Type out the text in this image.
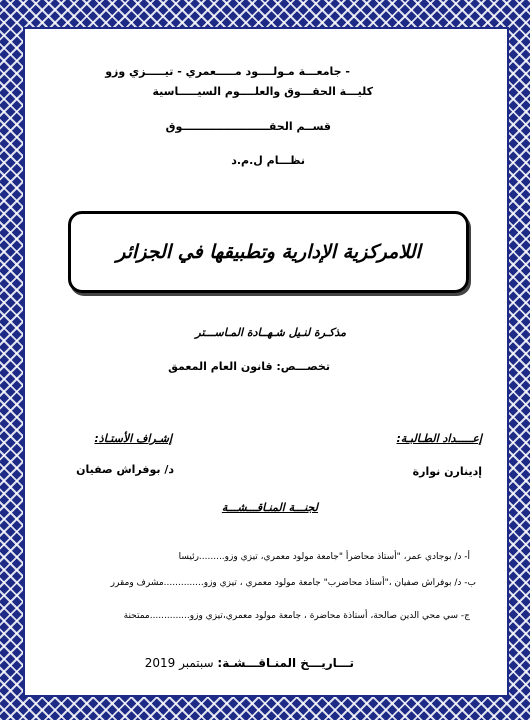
- جامعـــة مـولــــود مـــــعمري - تيـــــزي وزو
كليـــة الحقـــوق والعلــــوم السيـــــاسية
قســم الحقـــــــــــــــــــــــوق
نظـــام ل.م.د
اللامركزية الإدارية وتطبيقها في الجزائر
مذكـرة لنـيل شـهــادة المـاســـتر
تخصـــص: قانون العام المعمق
إعـــــداد الطـالبـة:
إشـراف الأستـاذ:
إدينارن نوارة
د/ بوفراش صفيان
لجنـــة المنـاقـــشـــة
أ- د/ بوجادي عمر، "أستاذ محاضرأ "جامعة مولود معمري، تيزي وزو.........رئيسا
ب- د/ بوفراش صفيان ،"أستاذ محاضرب" جامعة مولود معمري ، تيزي وزو..............مشرف ومقرر
ج- سي محي الدين صالحة، أستاذة محاضرة ، جامعة مولود معمري،تيزي وزو..............ممتحنة
تـــاريـــخ المنـاقـــشـة: سبتمبر 2019
